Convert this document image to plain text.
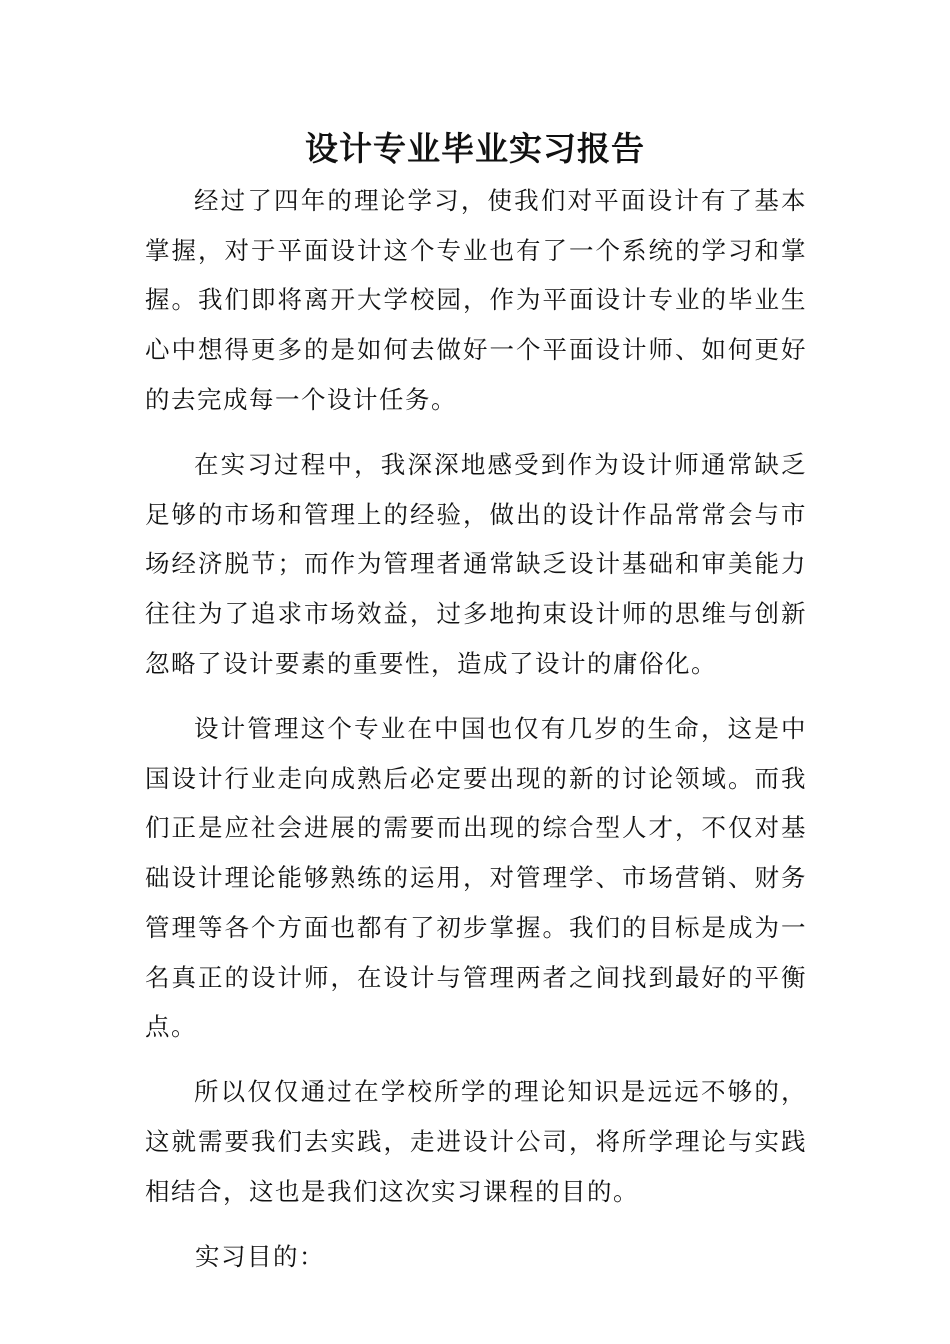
设计专业毕业实习报告

经过了四年的理论学习，使我们对平面设计有了基本掌握，对于平面设计这个专业也有了一个系统的学习和掌握。我们即将离开大学校园，作为平面设计专业的毕业生心中想得更多的是如何去做好一个平面设计师、如何更好的去完成每一个设计任务。

在实习过程中，我深深地感受到作为设计师通常缺乏足够的市场和管理上的经验，做出的设计作品常常会与市场经济脱节；而作为管理者通常缺乏设计基础和审美能力往往为了追求市场效益，过多地拘束设计师的思维与创新忽略了设计要素的重要性，造成了设计的庸俗化。

设计管理这个专业在中国也仅有几岁的生命，这是中国设计行业走向成熟后必定要出现的新的讨论领域。而我们正是应社会进展的需要而出现的综合型人才，不仅对基础设计理论能够熟练的运用，对管理学、市场营销、财务管理等各个方面也都有了初步掌握。我们的目标是成为一名真正的设计师，在设计与管理两者之间找到最好的平衡点。

所以仅仅通过在学校所学的理论知识是远远不够的，这就需要我们去实践，走进设计公司，将所学理论与实践相结合，这也是我们这次实习课程的目的。

实习目的：
